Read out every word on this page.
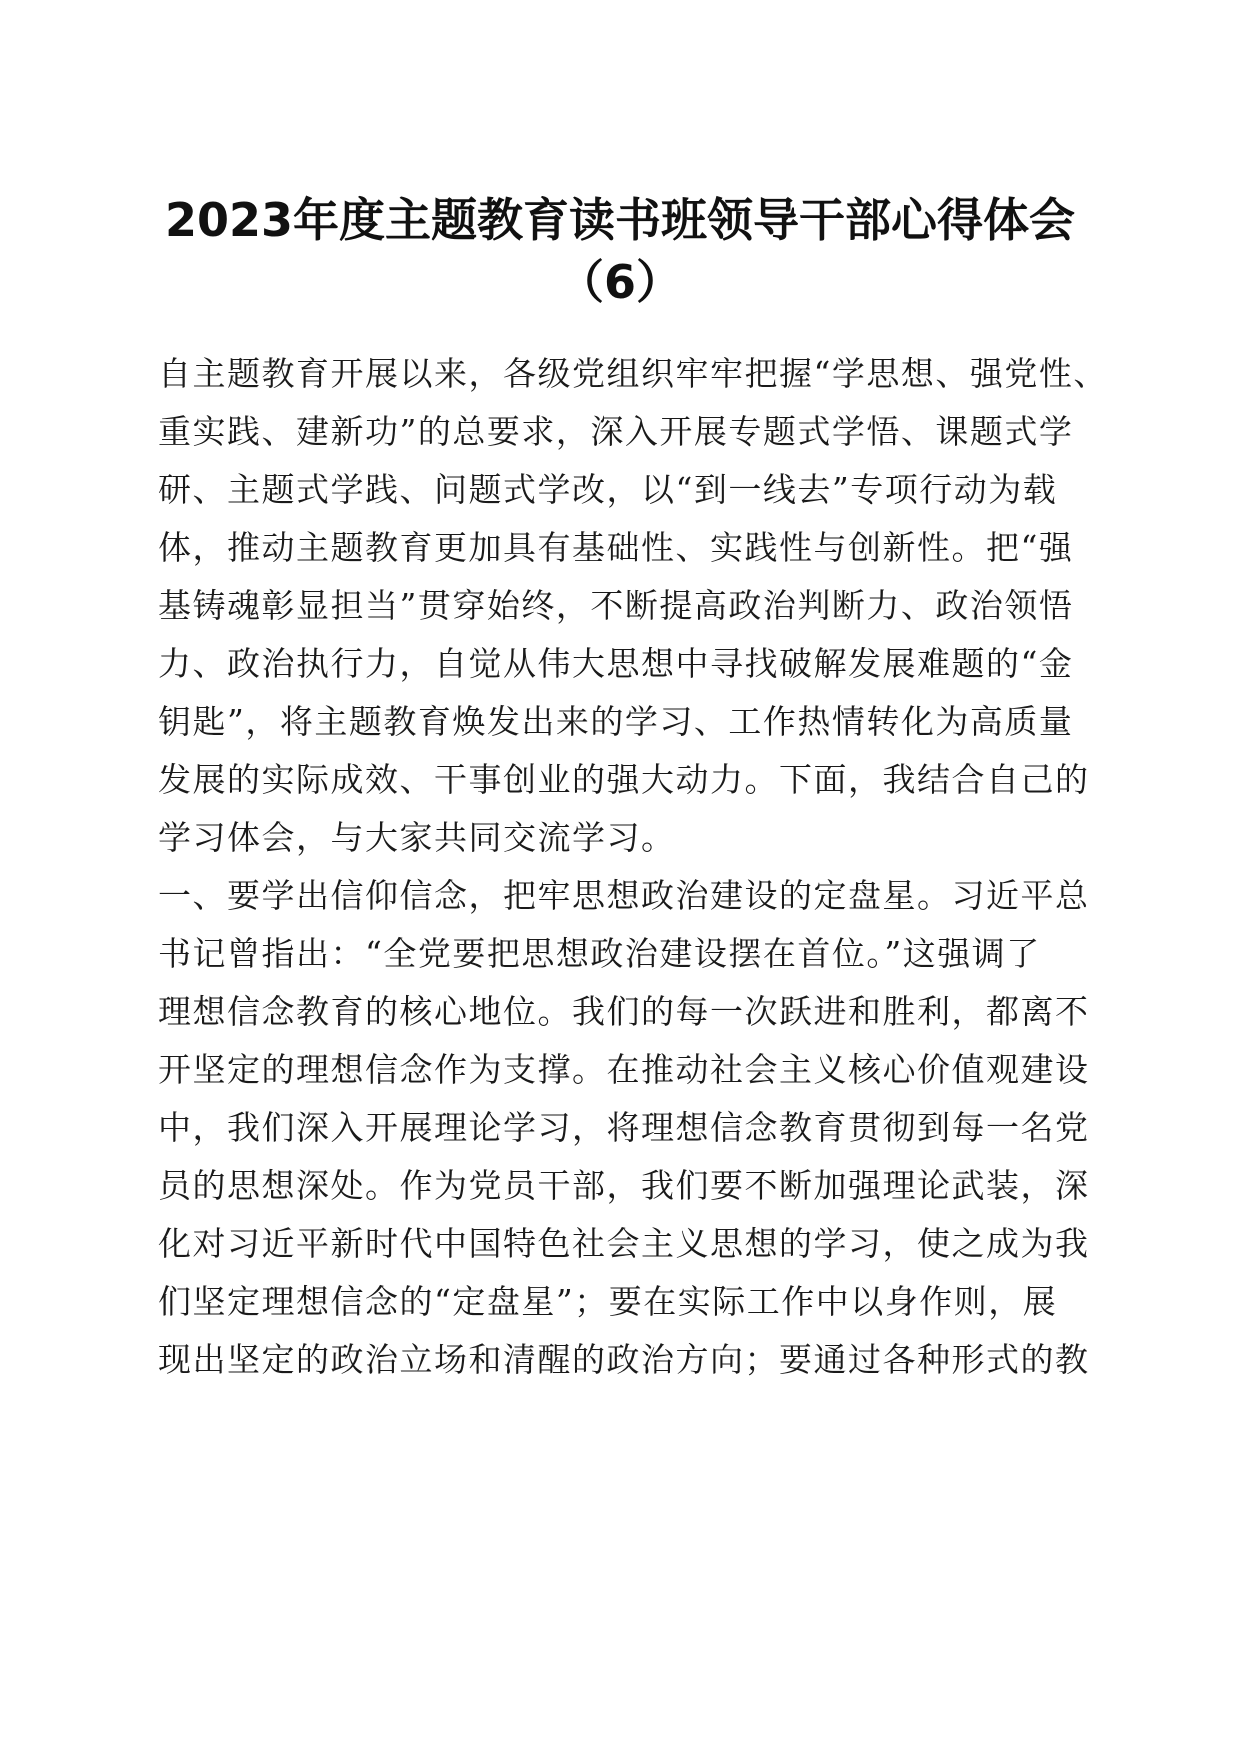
2023年度主题教育读书班领导干部心得体会
（6）

自主题教育开展以来，各级党组织牢牢把握“学思想、强党性、

重实践、建新功”的总要求，深入开展专题式学悟、课题式学

研、主题式学践、问题式学改，以“到一线去”专项行动为载

体，推动主题教育更加具有基础性、实践性与创新性。把“强

基铸魂彰显担当”贯穿始终，不断提高政治判断力、政治领悟

力、政治执行力，自觉从伟大思想中寻找破解发展难题的“金

钥匙”，将主题教育焕发出来的学习、工作热情转化为高质量

发展的实际成效、干事创业的强大动力。下面，我结合自己的

学习体会，与大家共同交流学习。

一、要学出信仰信念，把牢思想政治建设的定盘星。习近平总

书记曾指出：“全党要把思想政治建设摆在首位。”这强调了

理想信念教育的核心地位。我们的每一次跃进和胜利，都离不

开坚定的理想信念作为支撑。在推动社会主义核心价值观建设

中，我们深入开展理论学习，将理想信念教育贯彻到每一名党

员的思想深处。作为党员干部，我们要不断加强理论武装，深

化对习近平新时代中国特色社会主义思想的学习，使之成为我

们坚定理想信念的“定盘星”；要在实际工作中以身作则，展

现出坚定的政治立场和清醒的政治方向；要通过各种形式的教
